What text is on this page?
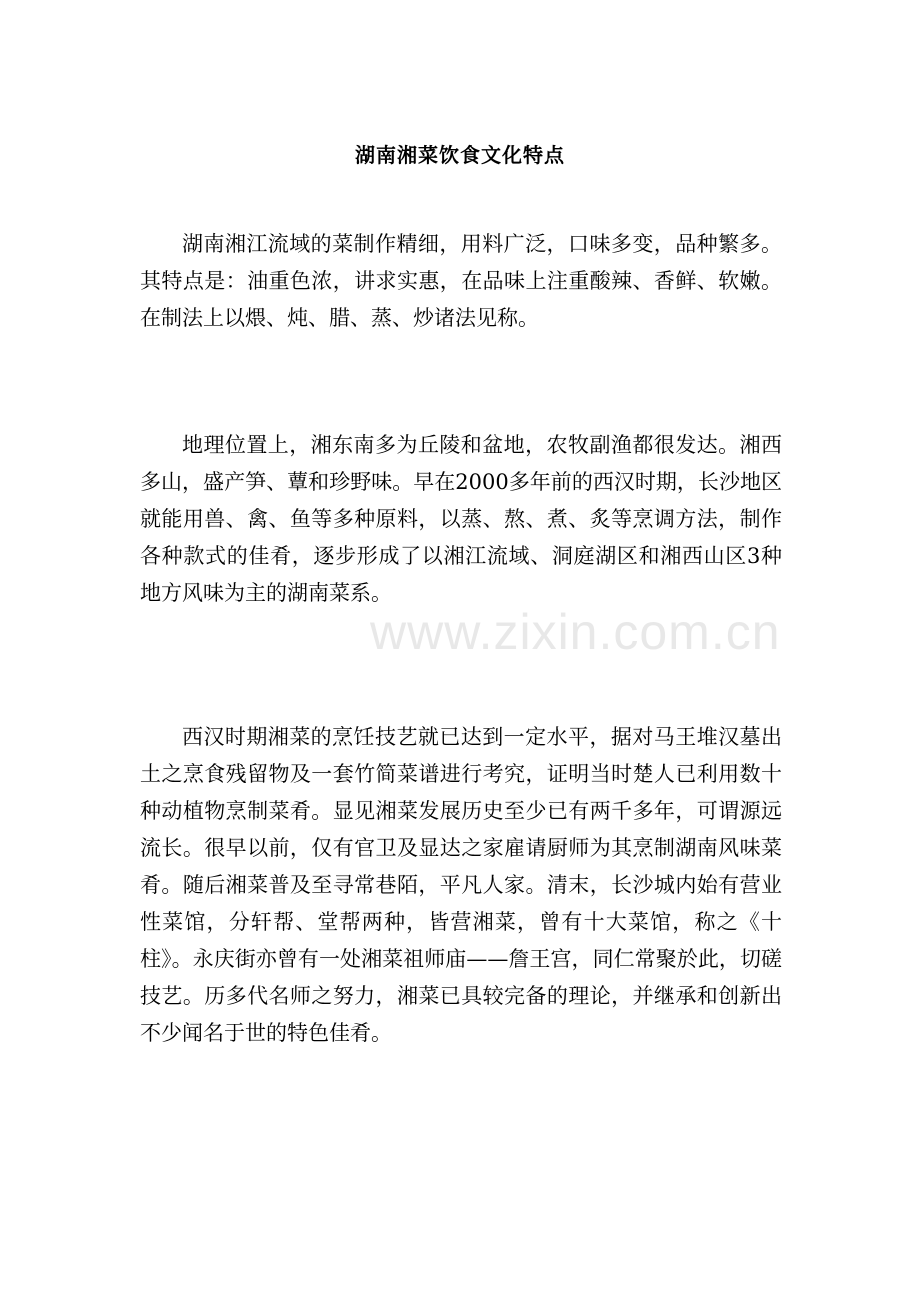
湖南湘菜饮食文化特点

湖南湘江流域的菜制作精细，用料广泛，口味多变，品种繁多。其特点是：油重色浓，讲求实惠，在品味上注重酸辣、香鲜、软嫩。在制法上以煨、炖、腊、蒸、炒诸法见称。

地理位置上，湘东南多为丘陵和盆地，农牧副渔都很发达。湘西多山，盛产笋、蕈和珍野味。早在2000多年前的西汉时期，长沙地区就能用兽、禽、鱼等多种原料，以蒸、熬、煮、炙等烹调方法，制作各种款式的佳肴，逐步形成了以湘江流域、洞庭湖区和湘西山区3种地方风味为主的湖南菜系。

西汉时期湘菜的烹饪技艺就已达到一定水平，据对马王堆汉墓出土之烹食残留物及一套竹简菜谱进行考究，证明当时楚人已利用数十种动植物烹制菜肴。显见湘菜发展历史至少已有两千多年，可谓源远流长。很早以前，仅有官卫及显达之家雇请厨师为其烹制湖南风味菜肴。随后湘菜普及至寻常巷陌，平凡人家。清末，长沙城内始有营业性菜馆，分轩帮、堂帮两种，皆营湘菜，曾有十大菜馆，称之《十柱》。永庆街亦曾有一处湘菜祖师庙——詹王宫，同仁常聚於此，切磋技艺。历多代名师之努力，湘菜已具较完备的理论，并继承和创新出不少闻名于世的特色佳肴。

www.zixin.com.cn
